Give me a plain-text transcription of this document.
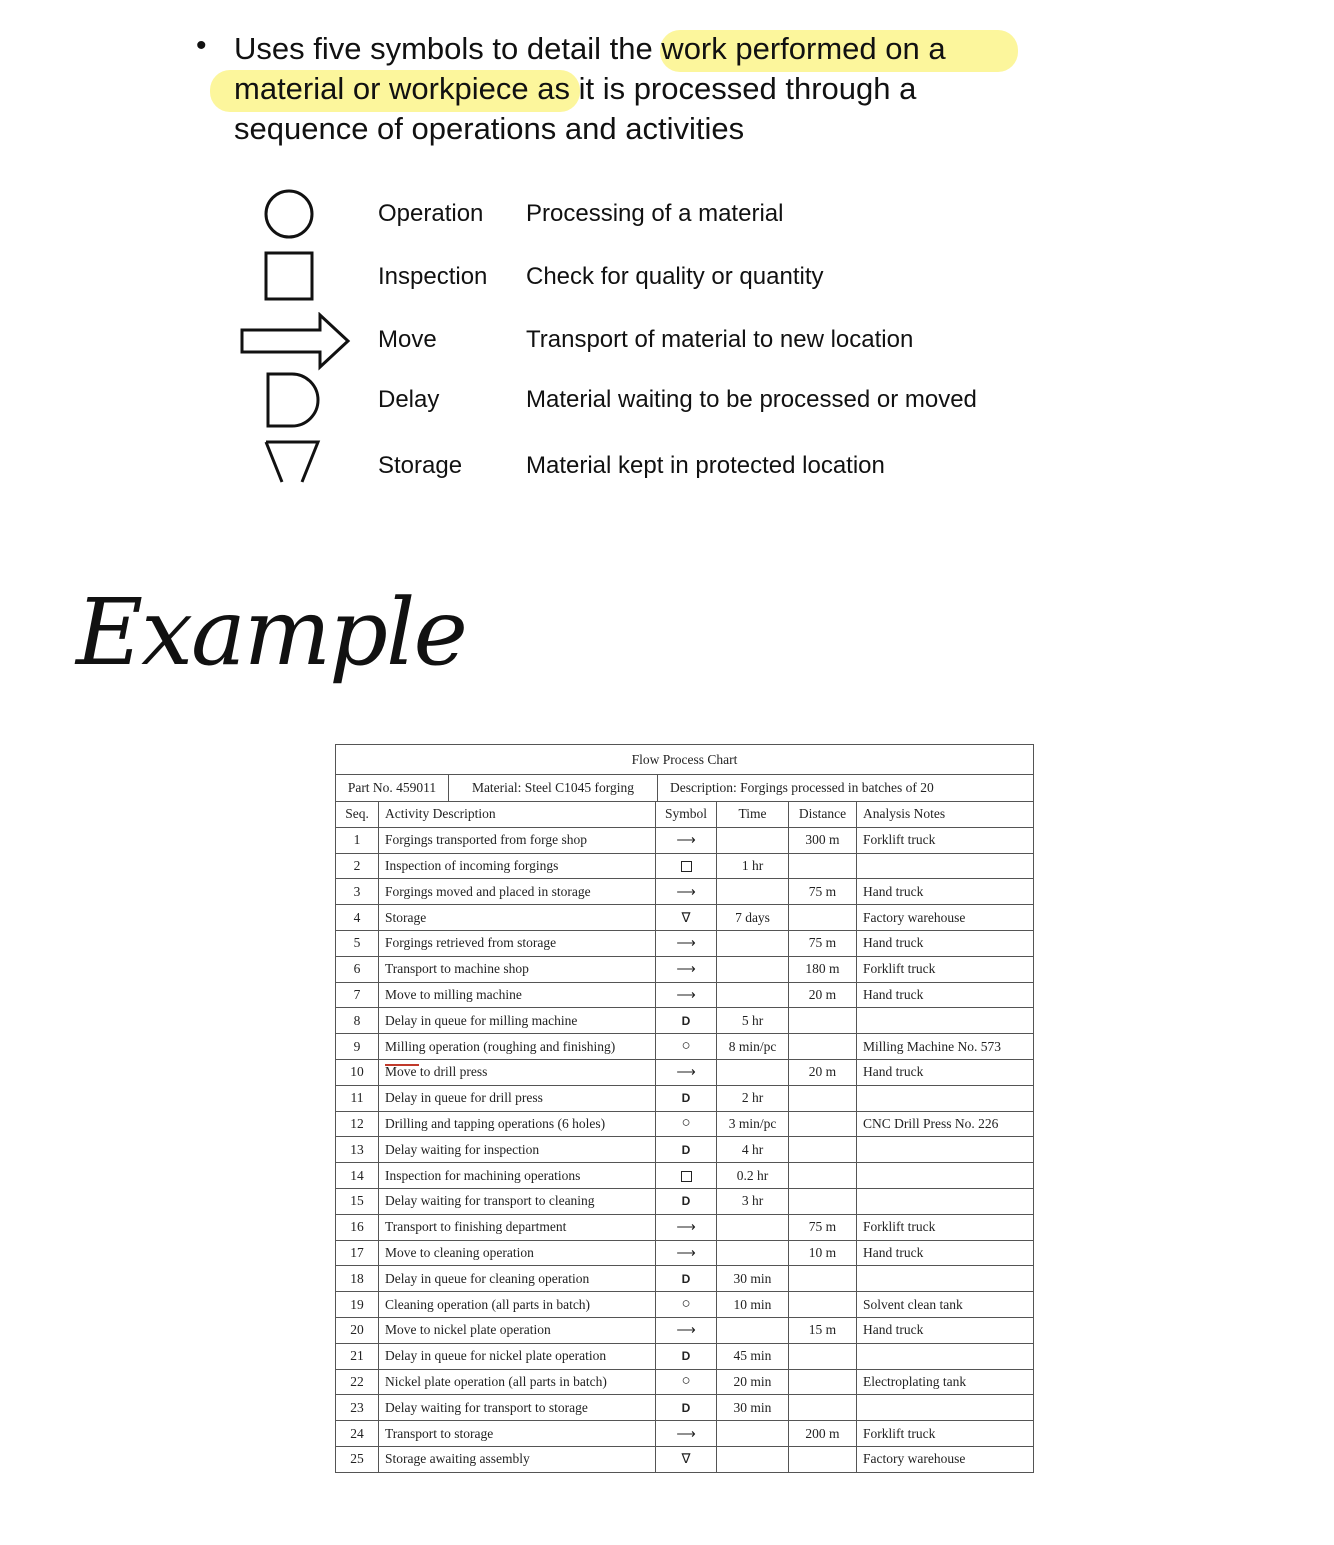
• Uses five symbols to detail the work performed on a
material or workpiece as it is processed through a
sequence of operations and activities
Operation Processing of a material
Inspection Check for quality or quantity
Move	Transport of material to new location
Delay	Material waiting to be processed or moved
Storage	Material kept in protected location
Example
Flow Process Chart					

Part No. 459011 Material: Steel C1045 forging Description: Forgings processed in batches of 20					

Seq.	Activity Description	Symbol	Time	Distance	Analysis Notes
1	Forgings transported from forge shop	⟶		300 m	Forklift truck
2	Inspection of incoming forgings		1 hr		
3	Forgings moved and placed in storage	⟶		75 m	Hand truck
4	Storage	∇	7 days		Factory warehouse
5	Forgings retrieved from storage	⟶		75 m	Hand truck
6	Transport to machine shop	⟶		180 m	Forklift truck
7	Move to milling machine	⟶		20 m	Hand truck
8	Delay in queue for milling machine	D	5 hr		
9	Milling operation (roughing and finishing)	○	8 min/pc		Milling Machine No. 573
10	Move to drill press	⟶		20 m	Hand truck
11	Delay in queue for drill press	D	2 hr		
12	Drilling and tapping operations (6 holes)	○	3 min/pc		CNC Drill Press No. 226
13	Delay waiting for inspection	D	4 hr		
14	Inspection for machining operations		0.2 hr		
15	Delay waiting for transport to cleaning	D	3 hr		
16	Transport to finishing department	⟶		75 m	Forklift truck
17	Move to cleaning operation	⟶		10 m	Hand truck
18	Delay in queue for cleaning operation	D	30 min		
19	Cleaning operation (all parts in batch)	○	10 min		Solvent clean tank
20	Move to nickel plate operation	⟶		15 m	Hand truck
21	Delay in queue for nickel plate operation	D	45 min		
22	Nickel plate operation (all parts in batch)	○	20 min		Electroplating tank
23	Delay waiting for transport to storage	D	30 min		
24	Transport to storage	⟶		200 m	Forklift truck
25	Storage awaiting assembly	∇			Factory warehouse
